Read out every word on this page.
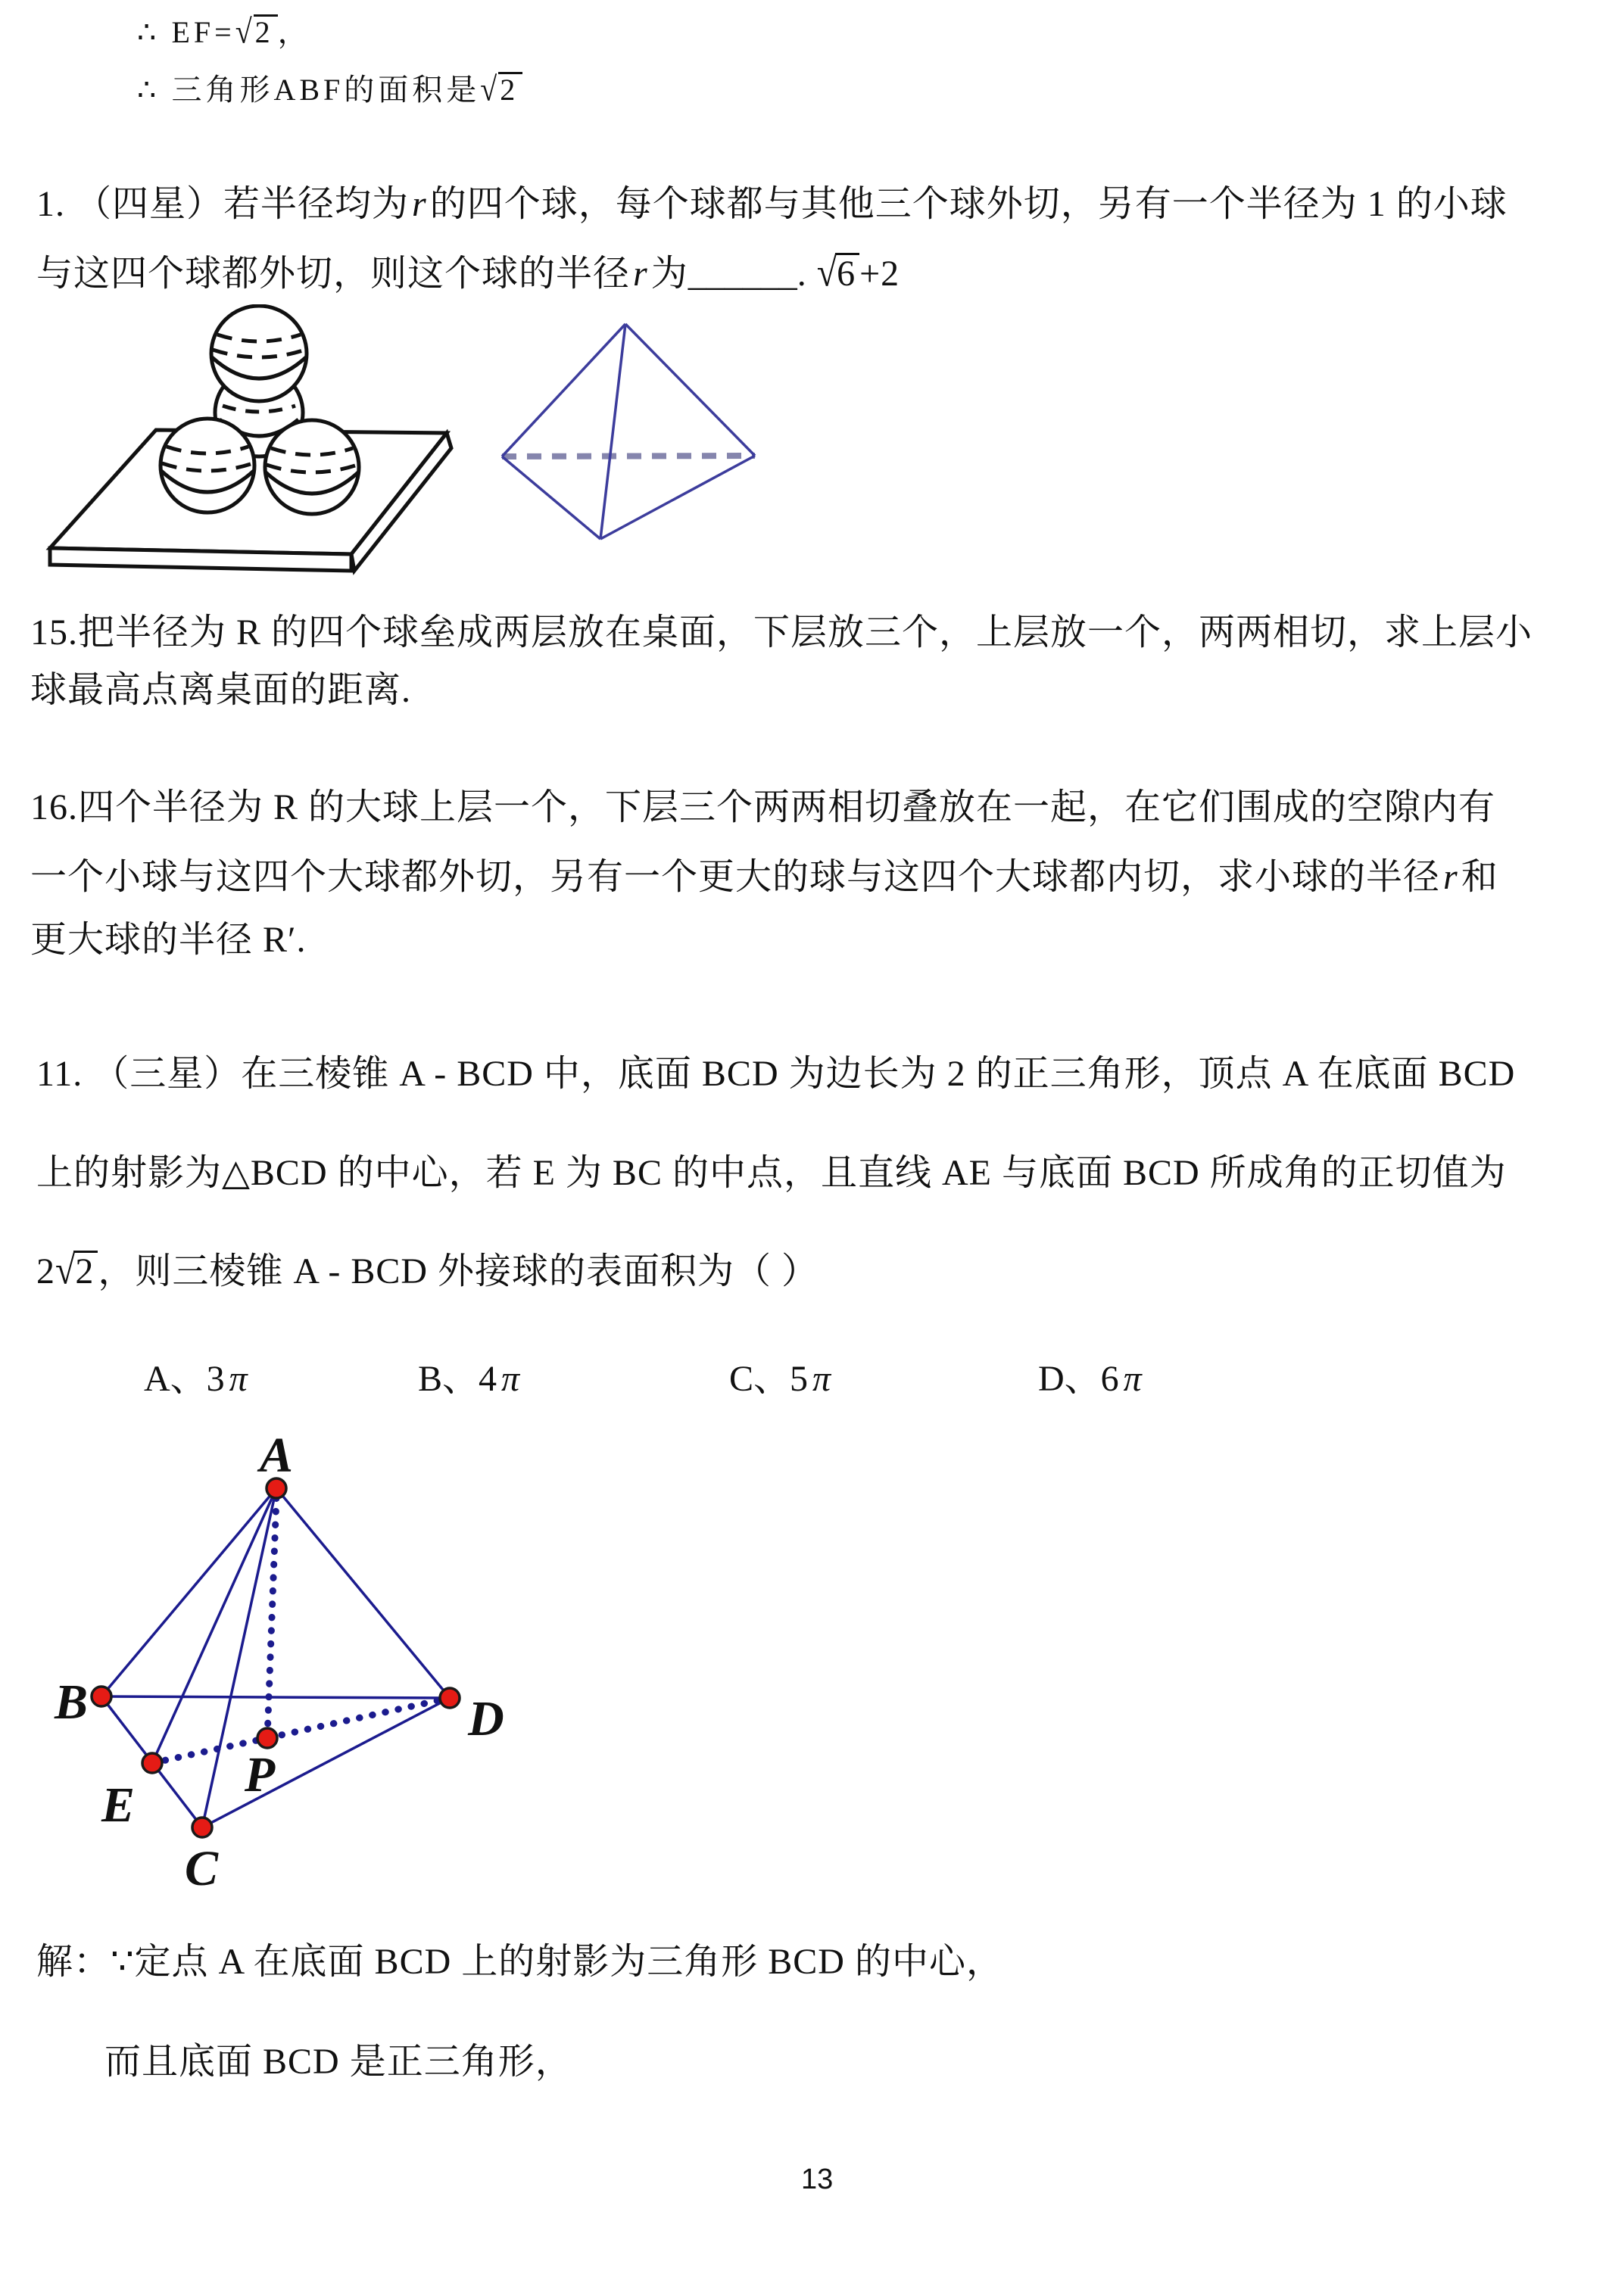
∴ EF=√2 ，
∴ 三角形ABF的面积是√2
1. （四星）若半径均为r的四个球，每个球都与其他三个球外切，另有一个半径为 1 的小球
与这四个球都外切，则这个球的半径r为______. √6 +2
15.把半径为 R 的四个球垒成两层放在桌面，下层放三个，上层放一个，两两相切，求上层小
球最高点离桌面的距离.
16.四个半径为 R 的大球上层一个，下层三个两两相切叠放在一起，在它们围成的空隙内有
一个小球与这四个大球都外切，另有一个更大的球与这四个大球都内切，求小球的半径r和
更大球的半径 R′.
11. （三星）在三棱锥 A - BCD 中，底面 BCD 为边长为 2 的正三角形，顶点 A 在底面 BCD
上的射影为△BCD 的中心，若 E 为 BC 的中点，且直线 AE 与底面 BCD 所成角的正切值为
2√2 ，则三棱锥 A - BCD 外接球的表面积为（ ）
A、3 π	B、4 π	C、5 π	D、6 π
A
B	D
P
E
C
解：∵定点 A 在底面 BCD 上的射影为三角形 BCD 的中心，
而且底面 BCD 是正三角形，
13
